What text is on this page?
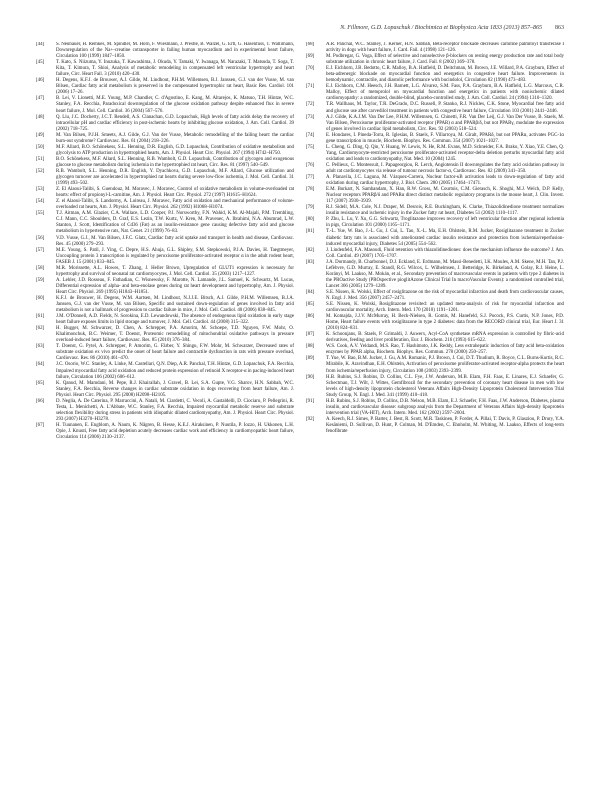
N. Fillmore, G.D. Lopaschuk / Biochimica et Biophysica Acta 1833 (2013) 857–865 863
[44] S. Neubauer, H. Remkes, M. Spindler, M. Horn, F. Wiesmann, J. Prestle, B. Walzel, G. Ertl, G. Hasenfuss, T. Wallimann, Downregulation of the Na+-creatine cotransporter in failing human myocardium and in experimental heart failure, Circulation 100 (1999) 1847–1850.
[45] T. Kato, S. Niizuma, Y. Inuzuka, T. Kawashima, J. Okuda, Y. Tamaki, Y. Iwanaga, M. Narazaki, T. Matsuda, T. Soga, T. Kita, T. Kimura, T. Shioi, Analysis of metabolic remodeling in compensated left ventricular hypertrophy and heart failure, Circ. Heart Fail. 3 (2010) 420–430.
[46] H. Degens, K.F.J. de Brouwer, A.J. Gilde, M. Lindhout, P.H.M. Willemsen, B.J. Janssen, G.J. van der Vusse, M. van Bilsen, Cardiac fatty acid metabolism is preserved in the compensated hypertrophic rat heart, Basic Res. Cardiol. 101 (2006) 17–26.
[47] B. Lei, V. Lionetti, M.E. Young, M.P. Chandler, C. d'Agostino, E. Kang, M. Altarejos, K. Matsuo, T.H. Hintze, W.C. Stanley, F.A. Recchia, Paradoxical downregulation of the glucose oxidation pathway despite enhanced flux in severe heart failure, J. Mol. Cell. Cardiol. 36 (2004) 567–576.
[48] Q. Liu, J.C. Docherty, J.C.T. Rendell, A.S. Clanachan, G.D. Lopaschuk, High levels of fatty acids delay the recovery of intracellular pH and cardiac efficiency in post-ischemic hearts by inhibiting glucose oxidation, J. Am. Coll. Cardiol. 39 (2002) 718–725.
[49] M. Van Bilsen, P.J.H. Smeets, A.J. Gilde, G.J. Van der Vusse, Metabolic remodelling of the failing heart: the cardiac burn-out syndrome? Cardiovasc. Res. 61 (2004) 218–226.
[50] M.F. Allard, B.O. Schönekess, S.L. Henning, D.R. English, G.D. Lopaschuk, Contribution of oxidative metabolism and glycolysis to ATP production in hypertrophied hearts, Am. J. Physiol. Heart Circ. Physiol. 267 (1994) H742–H750.
[51] B.O. Schönekess, M.F. Allard, S.L. Henning, R.B. Wambolt, G.D. Lopaschuk, Contribution of glycogen and exogenous glucose to glucose metabolism during ischemia in the hypertrophied rat heart, Circ. Res. 81 (1997) 540–549.
[52] R.B. Wambolt, S.L. Henning, D.R. English, Y. Dyachkova, G.D. Lopaschuk, M.F. Allard, Glucose utilization and glycogen turnover are accelerated in hypertrophied rat hearts during severe low-flow ischemia, J. Mol. Cell. Cardiol. 31 (1999) 493–502.
[53] Z. El Alaoui-Talibi, S. Guendouz, M. Moravec, J. Moravec, Control of oxidative metabolism in volume-overloaded rat hearts: effect of propionyl-L-carnitine, Am. J. Physiol. Heart Circ. Physiol. 272 (1997) H1615–H1624.
[54] Z. el Alaoui-Talibi, S. Landormy, A. Loireau, J. Moravec, Fatty acid oxidation and mechanical performance of volume-overloaded rat hearts, Am. J. Physiol. Heart Circ. Physiol. 262 (1992) H1068–H1074.
[55] T.J. Aitman, A.M. Glazier, C.A. Wallace, L.D. Cooper, P.J. Norsworthy, F.N. Wahid, K.M. Al-Majali, P.M. Trembling, C.J. Mann, C.C. Shoulders, D. Graf, E.S. Lezin, T.W. Kurtz, V. Kren, M. Pravenec, A. Ibrahimi, N.A. Abumrad, L.W. Stanton, J. Scott, Identification of Cd36 (Fat) as an insulin-resistance gene causing defective fatty acid and glucose metabolism in hypertensive rats, Nat. Genet. 21 (1999) 76–83.
[56] V.D. Vusse, G.J., M. Van Bilsen, J.F.C. Glatz, Cardiac fatty acid uptake and transport in health and disease, Cardiovasc. Res. 45 (2000) 279–293.
[57] M.E. Young, S. Patil, J. Ying, C. Depre, H.S. Ahuja, G.L. Shipley, S.M. Stepkowski, P.J.A. Davies, H. Taegtmeyer, Uncoupling protein 3 transcription is regulated by peroxisome proliferator-activated receptor α in the adult rodent heart, FASEB J. 15 (2001) 833–845.
[58] M.R. Morissette, A.L. Howes, T. Zhang, J. Heller Brown, Upregulation of GLUT1 expression is necessary for hypertrophy and survival of neonatal rat cardiomyocytes, J. Mol. Cell. Cardiol. 35 (2003) 1217–1227.
[59] A. Lehler, J.D. Rosseau, F. Fathadian, C. Wisnewsky, F. Marotte, N. Lamande, J.L. Samuel, K. Schwartz, M. Lucas, Differential expression of alpha- and beta-enolase genes during rat heart development and hypertrophy, Am. J. Physiol. Heart Circ. Physiol. 269 (1995) H1843–H1851.
[60] K.F.J. de Brouwer, H. Degens, W.M. Aartsen, M. Lindhout, N.J.J.E. Bitsch, A.J. Gilde, P.H.M. Willemsen, B.J.A. Janssen, G.J. van der Vusse, M. van Bilsen, Specific and sustained down-regulation of genes involved in fatty acid metabolism is not a hallmark of progression to cardiac failure in mice, J. Mol. Cell. Cardiol. 40 (2006) 838–845.
[61] J.M. O'Donnell, A.D. Fields, N. Sorokina, E.D. Lewandowski, The absence of endogenous lipid oxidation in early stage heart failure exposes limits in lipid storage and turnover, J. Mol. Cell. Cardiol. 44 (2008) 315–322.
[62] H. Bugger, M. Schwarzer, D. Chen, A. Schrepper, P.A. Amorim, M. Schoepe, T.D. Nguyen, F.W. Mohr, O. Khalimonchuk, B.C. Weimer, T. Doenst, Proteomic remodelling of mitochondrial oxidative pathways in pressure overload-induced heart failure, Cardiovasc. Res. 85 (2010) 376–384.
[63] T. Doenst, G. Pytel, A. Schrepper, P. Amorim, G. Färber, Y. Shingu, F.W. Mohr, M. Schwarzer, Decreased rates of substrate oxidation ex vivo predict the onset of heart failure and contractile dysfunction in rats with pressure overload, Cardiovasc. Res. 86 (2010) 461–470.
[64] J.C. Osorio, W.C. Stanley, A. Linke, M. Castellari, Q.N. Diep, A.R. Panchal, T.H. Hintze, G.D. Lopaschuk, F.A. Recchia, Impaired myocardial fatty acid oxidation and reduced protein expression of retinoid X receptor-α in pacing-induced heart failure, Circulation 106 (2002) 606–612.
[65] K. Qanud, M. Mamdani, M. Pepe, R.J. Khairallah, J. Gravel, B. Lei, S.A. Gupte, V.G. Sharov, H.N. Sabbah, W.C. Stanley, F.A. Recchia, Reverse changes in cardiac substrate oxidation in dogs recovering from heart failure, Am. J. Physiol. Heart Circ. Physiol. 295 (2008) H2098–H2105.
[66] D. Neglia, A. De Caterina, P. Marraccini, A. Natali, M. Ciardetti, C. Vecoli, A. Gastaldelli, D. Ciociaro, P. Pellegrini, R. Testa, L. Menichetti, A. L'Abbate, W.C. Stanley, F.A. Recchia, Impaired myocardial metabolic reserve and substrate selection flexibility during stress in patients with idiopathic dilated cardiomyopathy, Am. J. Physiol. Heart Circ. Physiol. 293 (2007) H3270–H3278.
[67] H. Tuunanen, E. Engblom, A. Naum, K. Någren, B. Hesse, K.E.J. Airaksinen, P. Nuutila, P. Iozzo, H. Ukkonen, L.H. Opie, J. Knuuti, Free fatty acid depletion acutely decreases cardiac work and efficiency in cardiomyopathic heart failure, Circulation 114 (2006) 2130–2137.
[68] A.R. Panchal, W.C. Stanley, J. Kerner, H.N. Sabbah, Beta-receptor blockade decreases carnitine palmitoyl transferase I activity in dogs with heart failure, J. Card. Fail. 4 (1998) 121–126.
[69] M. Podbregar, G. Voga, Effect of selective and nonselective β-blockers on resting energy production rate and total body substrate utilization in chronic heart failure, J. Card. Fail. 8 (2002) 369–378.
[70] E.J. Eichhorn, J.B. Bedotto, C.R. Malloy, B.A. Hatfield, D. Deitchman, M. Brown, J.E. Willard, P.A. Grayburn, Effect of beta-adrenergic blockade on myocardial function and energetics in congestive heart failure. Improvements in hemodynamic, contractile, and diastolic performance with bucindolol, Circulation 82 (1990) 473–483.
[71] E.J. Eichhorn, C.M. Heesch, J.H. Barnett, L.G. Alvarez, S.M. Fass, P.A. Grayburn, B.A. Hatfield, L.G. Marcoux, C.R. Malloy, Effect of metoprolol on myocardial function and energetics in patients with nonischemic dilated cardiomyopathy: a randomized, double-blind, placebo-controlled study, J. Am. Coll. Cardiol. 24 (1994) 1310–1320.
[72] T.R. Wallhaus, M. Taylor, T.R. DeGrado, D.C. Russell, P. Stanko, R.J. Nickles, C.K. Stone, Myocardial free fatty acid and glucose use after carvedilol treatment in patients with congestive heart failure, Circulation 103 (2001) 2441–2446.
[73] A.J. Gilde, K.A.J.M. Van Der Lee, P.H.M. Willemsen, G. Chinetti, F.R. Van Der Leij, G.J. Van Der Vusse, B. Staels, M. Van Bilsen, Peroxisome proliferator-activated receptor (PPAR) α and PPARβ/δ, but not PPARγ, modulate the expression of genes involved in cardiac lipid metabolism, Circ. Res. 92 (2003) 518–524.
[74] E. Hondares, I. Pineda-Torra, R. Iglesias, B. Staels, F. Villarroya, M. Giralt, PPARδ, but not PPARα, activates PGC-1α gene transcription in muscle, Biochem. Biophys. Res. Commun. 354 (2007) 1021–1027.
[75] L. Cheng, G. Ding, Q. Qin, Y. Huang, W. Lewis, N. He, R.M. Evans, M.D. Schneider, F.A. Brako, Y. Xiao, Y.E. Chen, Q. Yang, Cardiomyocyte-restricted peroxisome proliferator-activated receptor-delta deletion perturbs myocardial fatty acid oxidation and leads to cardiomyopathy, Nat. Med. 10 (2004) 1245.
[76] C. Pellieux, C. Montessuit, I. Papageorgiou, R. Lerch, Angiotensin II downregulates the fatty acid oxidation pathway in adult rat cardiomyocytes via release of tumour necrosis factor-α, Cardiovasc. Res. 82 (2009) 341–350.
[77] A. Planavila, J.C. Laguna, M. Vázquez-Carrera, Nuclear factor-κB activation leads to down-regulation of fatty acid oxidation during cardiac hypertrophy, J. Biol. Chem. 280 (2005) 17464–17471.
[78] E.M. Burkart, N. Sambandam, X. Han, R.W. Gross, M. Courtois, C.M. Gierasch, K. Shoghi, M.J. Welch, D.P. Kelly, Nuclear receptors PPARβ/δ and PPARα direct distinct metabolic regulatory programs in the mouse heart, J. Clin. Invest. 117 (2007) 3930–3939.
[79] R.J. Sidell, M.A. Cole, N.J. Draper, M. Desrois, R.E. Buckingham, K. Clarke, Thiazolidinedione treatment normalizes insulin resistance and ischemic injury in the Zucker fatty rat heart, Diabetes 51 (2002) 1110–1117.
[80] P. Zhu, L. Lu, Y. Xu, G.G. Schwartz, Troglitazone improves recovery of left ventricular function after regional ischemia in pigs, Circulation 101 (2000) 1165–1171.
[81] T.-L. Yue, W. Bao, J.-L. Gu, J. Cui, L. Tao, X.-L. Ma, E.H. Ohlstein, R.M. Jucker, Rosiglitazone treatment in Zucker diabetic fatty rats is associated with ameliorated cardiac insulin resistance and protection from ischemia/reperfusion-induced myocardial injury, Diabetes 54 (2005) 554–562.
[82] J. Lindenfeld, F.A. Masoudi, Fluid retention with thiazolidinediones: does the mechanism influence the outcome? J. Am. Coll. Cardiol. 49 (2007) 1705–1707.
[83] J.A. Dormandy, B. Charbonnel, D.J. Eckland, E. Erdmann, M. Massi-Benedetti, I.K. Moules, A.M. Skene, M.H. Tan, P.J. Lefèbvre, G.D. Murray, E. Standl, R.G. Wilcox, L. Wilhelmsen, J. Betteridge, K. Birkeland, A. Golay, R.J. Heine, L. Korányi, M. Laakso, M. Mokán, et al., Secondary prevention of macrovascular events in patients with type 2 diabetes in the PROactive Study (PROspective pioglitAzone Clinical Trial In macroVascular Events): a randomised controlled trial, Lancet 366 (2005) 1279–1289.
[84] S.E. Nissen, K. Wolski, Effect of rosiglitazone on the risk of myocardial infarction and death from cardiovascular causes, N. Engl. J. Med. 356 (2007) 2457–2471.
[85] S.E. Nissen, K. Wolski, Rosiglitazone revisited: an updated meta-analysis of risk for myocardial infarction and cardiovascular mortality, Arch. Intern. Med. 170 (2010) 1191–1201.
[86] M. Komajda, J.J.V. McMurray, H. Beck-Nielsen, R. Gomis, M. Hanefeld, S.J. Pocock, P.S. Curtis, N.P. Jones, P.D. Home, Heart failure events with rosiglitazone in type 2 diabetes: data from the RECORD clinical trial, Eur. Heart J. 31 (2010) 824–831.
[87] K. Schoonjans, B. Staels, P. Grimaldi, J. Auwerx, Acyl-CoA synthetase mRNA expression is controlled by fibric-acid derivatives, feeding and liver proliferation, Eur. J. Biochem. 216 (1993) 615–622.
[88] W.S. Cook, A.V. Yeldandi, M.S. Rao, T. Hashimoto, J.K. Reddy, Less extrahepatic induction of fatty acid beta-oxidation enzymes by PPAR alpha, Biochem. Biophys. Res. Commun. 278 (2000) 250–257.
[89] T. Yue, W. Bao, B.M. Jucker, J. Gu, A.M. Romanic, P.J. Brown, J. Cui, D.T. Thudium, R. Boyce, C.L. Burns-Kurtis, R.C. Mirabile, K. Aravindhan, E.H. Ohlstein, Activation of peroxisome proliferator-activated receptor-alpha protects the heart from ischemia/reperfusion injury, Circulation 108 (2003) 2393–2399.
[90] H.B. Rubins, S.J. Robins, D. Collins, C.L. Fye, J.W. Anderson, M.B. Elam, F.H. Faas, E. Linares, E.J. Schaefer, G. Schectman, T.J. Wilt, J. Wittes, Gemfibrozil for the secondary prevention of coronary heart disease in men with low levels of high-density lipoprotein cholesterol Veterans Affairs High-Density Lipoprotein Cholesterol Intervention Trial Study Group, N. Engl. J. Med. 341 (1999) 410–418.
[91] H.B. Rubins, S.J. Robins, D. Collins, D.B. Nelson, M.B. Elam, E.J. Schaefer, F.H. Faas, J.W. Anderson, Diabetes, plasma insulin, and cardiovascular disease: subgroup analysis from the Department of Veterans Affairs high-density lipoprotein intervention trial (VA-HIT), Arch. Intern. Med. 162 (2002) 2597–2604.
[92] A. Keech, R.J. Simes, P. Barter, J. Best, R. Scott, M.R. Taskinen, P. Forder, A. Pillai, T. Davis, P. Glasziou, P. Drury, Y.A. Kesäniemi, D. Sullivan, D. Hunt, P. Colman, M. D'Emden, C. Ehnholm, M. Whiting, M. Laakso, Effects of long-term fenofibrate
